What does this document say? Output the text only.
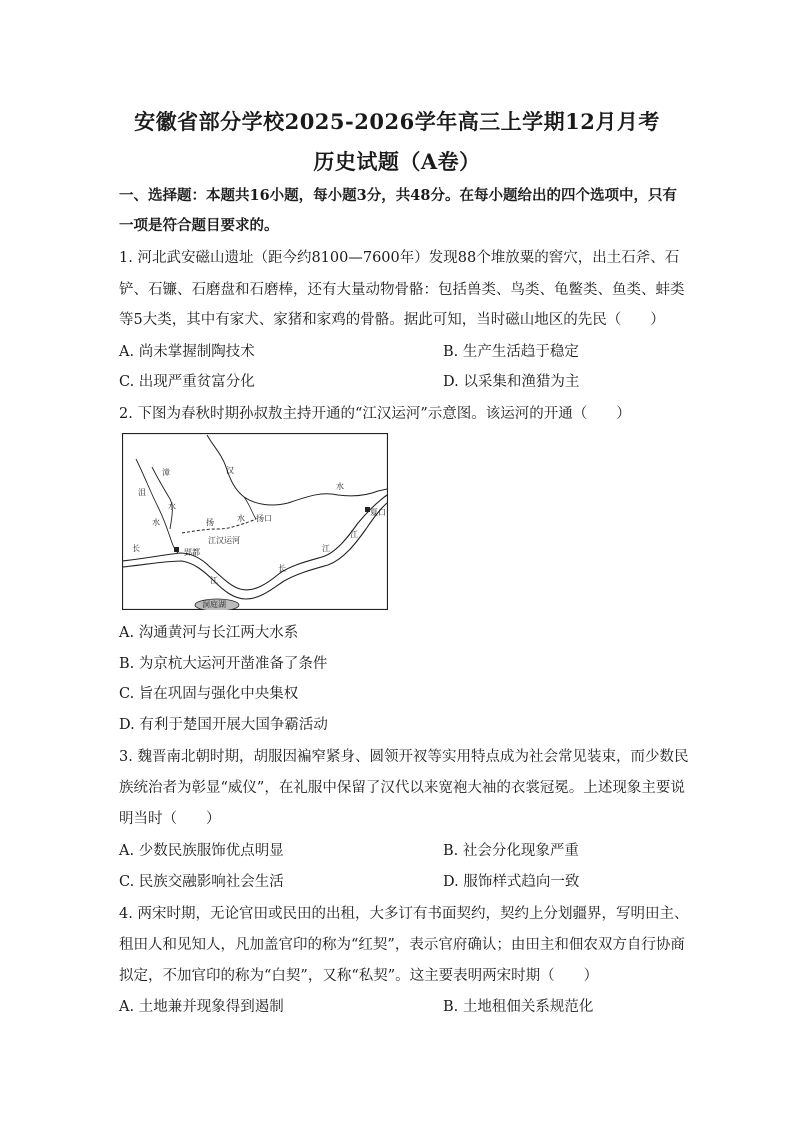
安徽省部分学校2025-2026学年高三上学期12月月考
历史试题（A卷）
一、选择题：本题共16小题，每小题3分，共48分。在每小题给出的四个选项中，只有
一项是符合题目要求的。
1. 河北武安磁山遗址（距今约8100—7600年）发现88个堆放粟的窖穴，出土石斧、石
铲、石镰、石磨盘和石磨棒，还有大量动物骨骼：包括兽类、鸟类、龟鳖类、鱼类、蚌类
等5大类，其中有家犬、家猪和家鸡的骨骼。据此可知，当时磁山地区的先民（　　）
A. 尚未掌握制陶技术	B. 生产生活趋于稳定
C. 出现严重贫富分化	D. 以采集和渔猎为主
2. 下图为春秋时期孙叔敖主持开通的“江汉运河”示意图。该运河的开通（　　）
汉
水
夏口
沮
漳
水
水
扬	水 扬口
江
江汉运河
长	郢都
江
长
江
洞庭湖
A. 沟通黄河与长江两大水系
B. 为京杭大运河开凿准备了条件
C. 旨在巩固与强化中央集权
D. 有利于楚国开展大国争霸活动
3. 魏晋南北朝时期，胡服因褊窄紧身、圆领开衩等实用特点成为社会常见装束，而少数民
族统治者为彰显“威仪”，在礼服中保留了汉代以来宽袍大袖的衣裳冠冕。上述现象主要说
明当时（　　）
A. 少数民族服饰优点明显	B. 社会分化现象严重
C. 民族交融影响社会生活	D. 服饰样式趋向一致
4. 两宋时期，无论官田或民田的出租，大多订有书面契约，契约上分划疆界，写明田主、
租田人和见知人，凡加盖官印的称为“红契”，表示官府确认；由田主和佃农双方自行协商
拟定，不加官印的称为“白契”，又称“私契”。这主要表明两宋时期（　　）
A. 土地兼并现象得到遏制	B. 土地租佃关系规范化
